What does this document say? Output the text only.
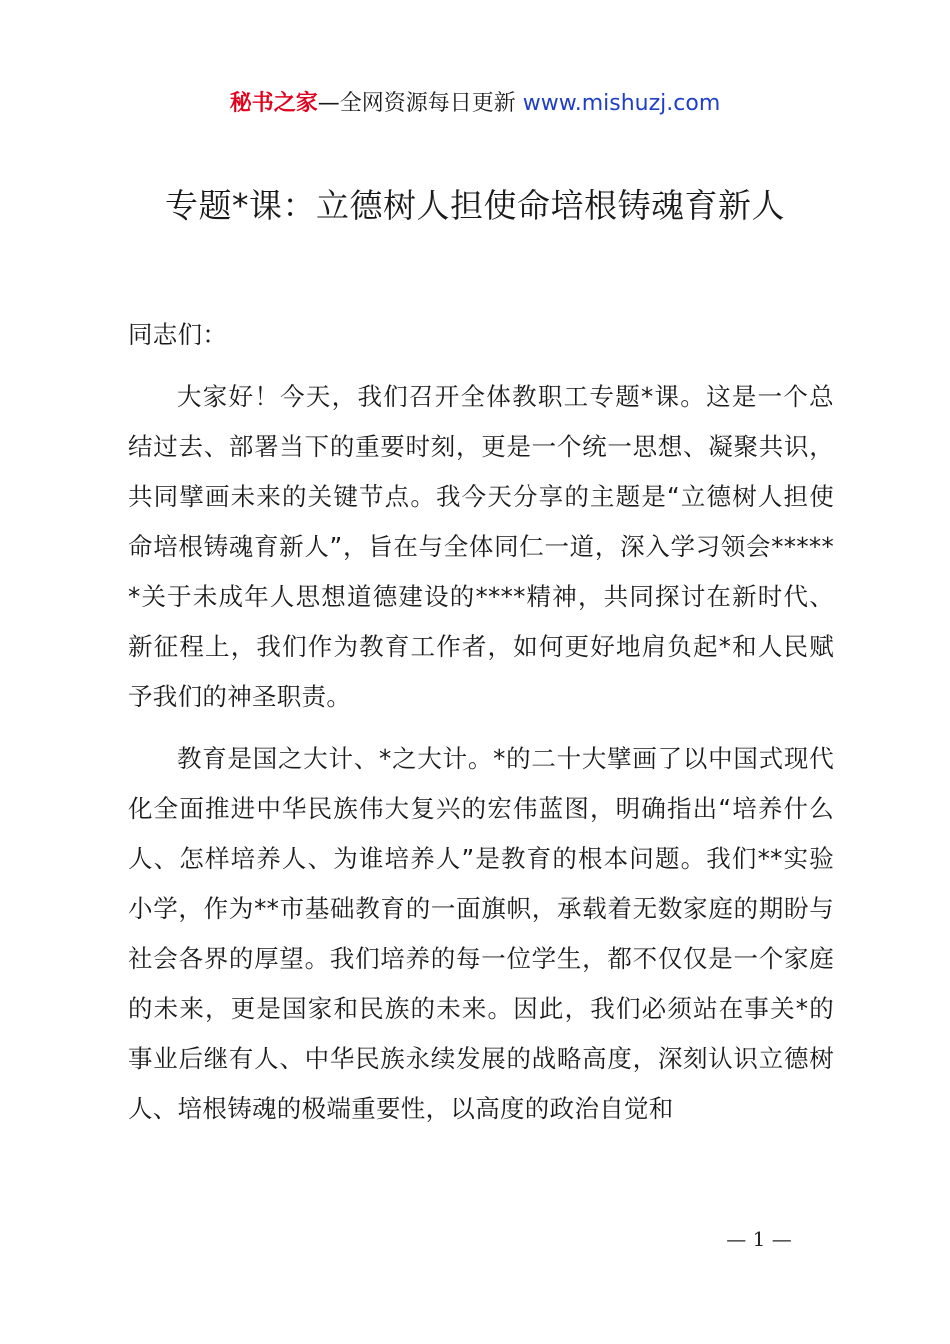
秘书之家—全网资源每日更新 www.mishuzj.com
专题*课：立德树人担使命培根铸魂育新人

同志们：

大家好！今天，我们召开全体教职工专题*课。这是一个总结过去、部署当下的重要时刻，更是一个统一思想、凝聚共识，共同擘画未来的关键节点。我今天分享的主题是“立德树人担使命培根铸魂育新人”，旨在与全体同仁一道，深入学习领会******关于未成年人思想道德建设的****精神，共同探讨在新时代、新征程上，我们作为教育工作者，如何更好地肩负起*和人民赋予我们的神圣职责。

教育是国之大计、*之大计。*的二十大擘画了以中国式现代化全面推进中华民族伟大复兴的宏伟蓝图，明确指出“培养什么人、怎样培养人、为谁培养人”是教育的根本问题。我们**实验小学，作为**市基础教育的一面旗帜，承载着无数家庭的期盼与社会各界的厚望。我们培养的每一位学生，都不仅仅是一个家庭的未来，更是国家和民族的未来。因此，我们必须站在事关*的事业后继有人、中华民族永续发展的战略高度，深刻认识立德树人、培根铸魂的极端重要性，以高度的政治自觉和

— 1 —
